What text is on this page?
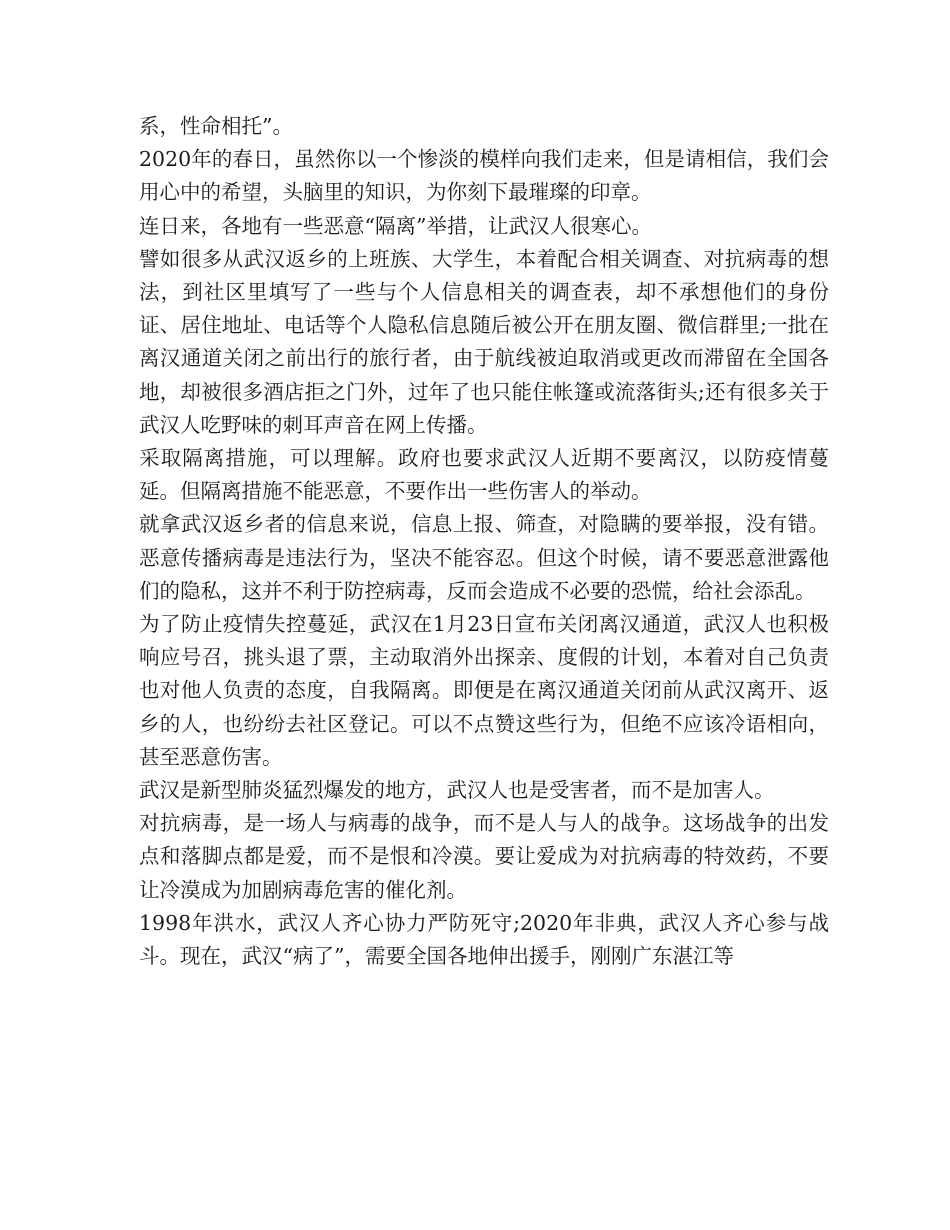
系，性命相托”。

2020年的春日，虽然你以一个惨淡的模样向我们走来，但是请相信，我们会用心中的希望，头脑里的知识，为你刻下最璀璨的印章。

连日来，各地有一些恶意“隔离”举措，让武汉人很寒心。

譬如很多从武汉返乡的上班族、大学生，本着配合相关调查、对抗病毒的想法，到社区里填写了一些与个人信息相关的调查表，却不承想他们的身份证、居住地址、电话等个人隐私信息随后被公开在朋友圈、微信群里;一批在离汉通道关闭之前出行的旅行者，由于航线被迫取消或更改而滞留在全国各地，却被很多酒店拒之门外，过年了也只能住帐篷或流落街头;还有很多关于武汉人吃野味的刺耳声音在网上传播。

采取隔离措施，可以理解。政府也要求武汉人近期不要离汉，以防疫情蔓延。但隔离措施不能恶意，不要作出一些伤害人的举动。

就拿武汉返乡者的信息来说，信息上报、筛查，对隐瞒的要举报，没有错。恶意传播病毒是违法行为，坚决不能容忍。但这个时候，请不要恶意泄露他们的隐私，这并不利于防控病毒，反而会造成不必要的恐慌，给社会添乱。

为了防止疫情失控蔓延，武汉在1月23日宣布关闭离汉通道，武汉人也积极响应号召，挑头退了票，主动取消外出探亲、度假的计划，本着对自己负责也对他人负责的态度，自我隔离。即便是在离汉通道关闭前从武汉离开、返乡的人，也纷纷去社区登记。可以不点赞这些行为，但绝不应该冷语相向，甚至恶意伤害。

武汉是新型肺炎猛烈爆发的地方，武汉人也是受害者，而不是加害人。

对抗病毒，是一场人与病毒的战争，而不是人与人的战争。这场战争的出发点和落脚点都是爱，而不是恨和冷漠。要让爱成为对抗病毒的特效药，不要让冷漠成为加剧病毒危害的催化剂。

1998年洪水，武汉人齐心协力严防死守;2020年非典，武汉人齐心参与战斗。现在，武汉“病了”，需要全国各地伸出援手，刚刚广东湛江等
